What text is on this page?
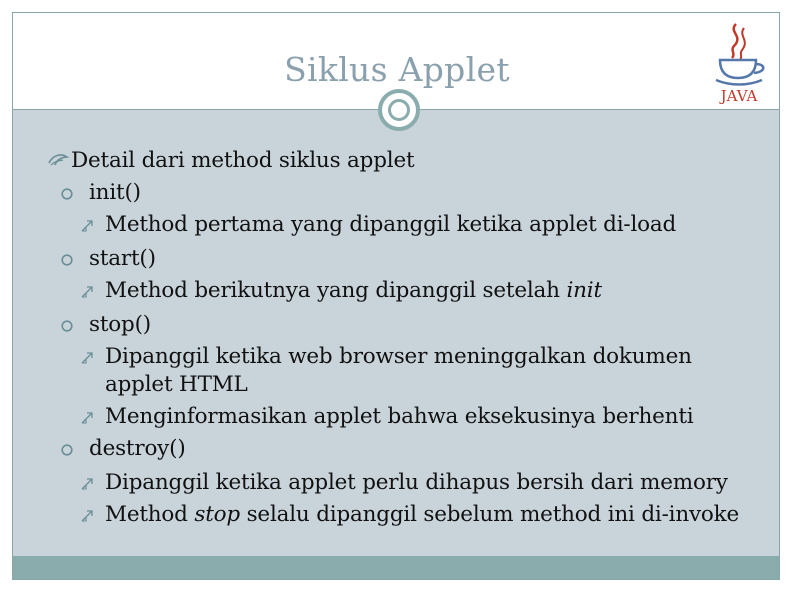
Siklus Applet
JAVA
Detail dari method siklus applet
init()
Method pertama yang dipanggil ketika applet di-load
start()
Method berikutnya yang dipanggil setelah init
stop()
Dipanggil ketika web browser meninggalkan dokumen
applet HTML
Menginformasikan applet bahwa eksekusinya berhenti
destroy()
Dipanggil ketika applet perlu dihapus bersih dari memory
Method stop selalu dipanggil sebelum method ini di-invoke
